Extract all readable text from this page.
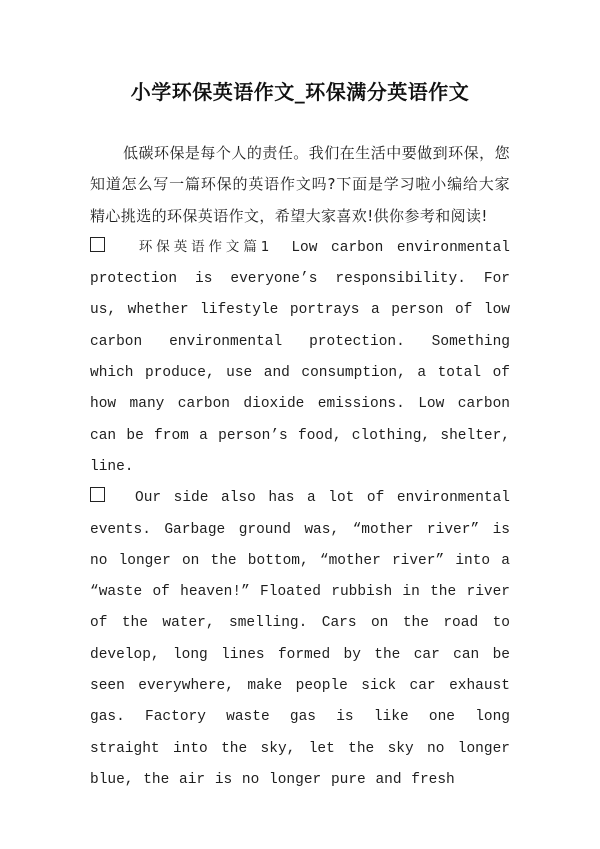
小学环保英语作文_环保满分英语作文

低碳环保是每个人的责任。我们在生活中要做到环保，您知道怎么写一篇环保的英语作文吗?下面是学习啦小编给大家精心挑选的环保英语作文，希望大家喜欢!供你参考和阅读!

环保英语作文篇1 Low carbon environmental protection is everyone’s responsibility. For us, whether lifestyle portrays a person of low carbon environmental protection. Something which produce, use and consumption, a total of how many carbon dioxide emissions. Low carbon can be from a person’s food, clothing, shelter, line.

Our side also has a lot of environmental events. Garbage ground was, “mother river” is no longer on the bottom, “mother river” into a “waste of heaven!” Floated rubbish in the river of the water, smelling. Cars on the road to develop, long lines formed by the car can be seen everywhere, make people sick car exhaust gas. Factory waste gas is like one long straight into the sky, let the sky no longer blue, the air is no longer pure and fresh
